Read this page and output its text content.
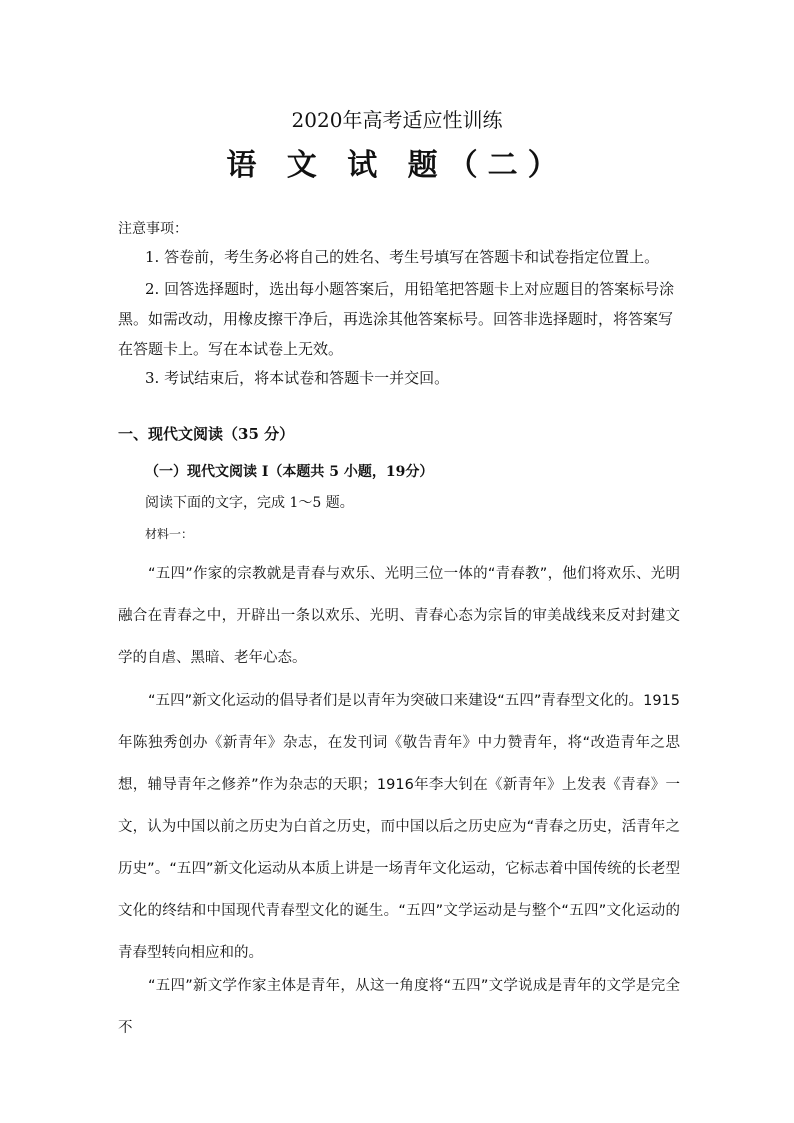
2020年高考适应性训练
语 文 试 题（二）
注意事项：
1. 答卷前，考生务必将自己的姓名、考生号填写在答题卡和试卷指定位置上。
2. 回答选择题时，选出每小题答案后，用铅笔把答题卡上对应题目的答案标号涂黑。如需改动，用橡皮擦干净后，再选涂其他答案标号。回答非选择题时，将答案写在答题卡上。写在本试卷上无效。
3. 考试结束后，将本试卷和答题卡一并交回。
一、现代文阅读（35 分）
（一）现代文阅读 I（本题共 5 小题，19分）
阅读下面的文字，完成 1～5 题。
材料一：
“五四”作家的宗教就是青春与欢乐、光明三位一体的“青春教”，他们将欢乐、光明融合在青春之中，开辟出一条以欢乐、光明、青春心态为宗旨的审美战线来反对封建文学的自虐、黑暗、老年心态。
“五四”新文化运动的倡导者们是以青年为突破口来建设“五四”青春型文化的。1915年陈独秀创办《新青年》杂志，在发刊词《敬告青年》中力赞青年，将“改造青年之思想，辅导青年之修养”作为杂志的天职；1916年李大钊在《新青年》上发表《青春》一文，认为中国以前之历史为白首之历史，而中国以后之历史应为“青春之历史，活青年之历史”。“五四”新文化运动从本质上讲是一场青年文化运动，它标志着中国传统的长老型文化的终结和中国现代青春型文化的诞生。“五四”文学运动是与整个“五四”文化运动的青春型转向相应和的。
“五四”新文学作家主体是青年，从这一角度将“五四”文学说成是青年的文学是完全不
